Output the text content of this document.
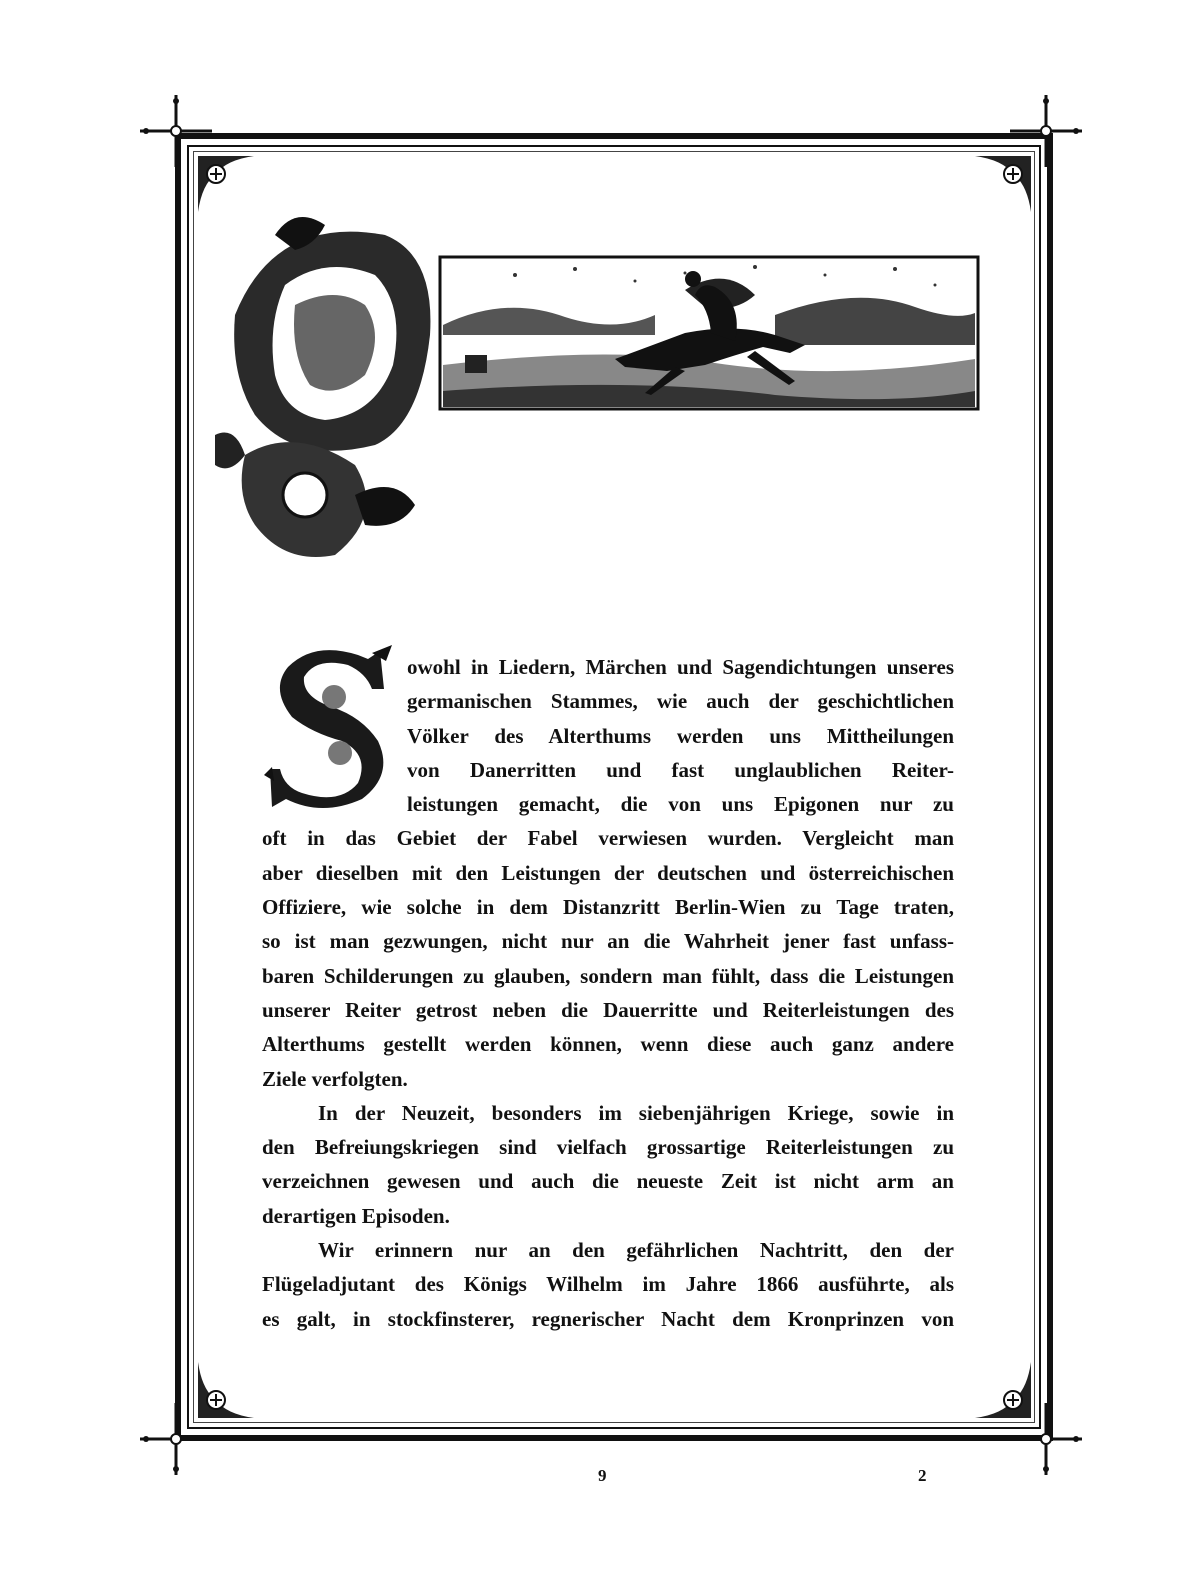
owohl in Liedern, Märchen und Sagendichtungen unseres
germanischen Stammes, wie auch der geschichtlichen
Völker des Alterthums werden uns Mittheilungen
von Danerritten und fast unglaublichen Reiter-
leistungen gemacht, die von uns Epigonen nur zu
oft in das Gebiet der Fabel verwiesen wurden. Vergleicht man
aber dieselben mit den Leistungen der deutschen und österreichischen
Offiziere, wie solche in dem Distanzritt Berlin-Wien zu Tage traten,
so ist man gezwungen, nicht nur an die Wahrheit jener fast unfass-
baren Schilderungen zu glauben, sondern man fühlt, dass die Leistungen
unserer Reiter getrost neben die Dauerritte und Reiterleistungen des
Alterthums gestellt werden können, wenn diese auch ganz andere
Ziele verfolgten.
In der Neuzeit, besonders im siebenjährigen Kriege, sowie in
den Befreiungskriegen sind vielfach grossartige Reiterleistungen zu
verzeichnen gewesen und auch die neueste Zeit ist nicht arm an
derartigen Episoden.
Wir erinnern nur an den gefährlichen Nachtritt, den der
Flügeladjutant des Königs Wilhelm im Jahre 1866 ausführte, als
es galt, in stockfinsterer, regnerischer Nacht dem Kronprinzen von
9	2
